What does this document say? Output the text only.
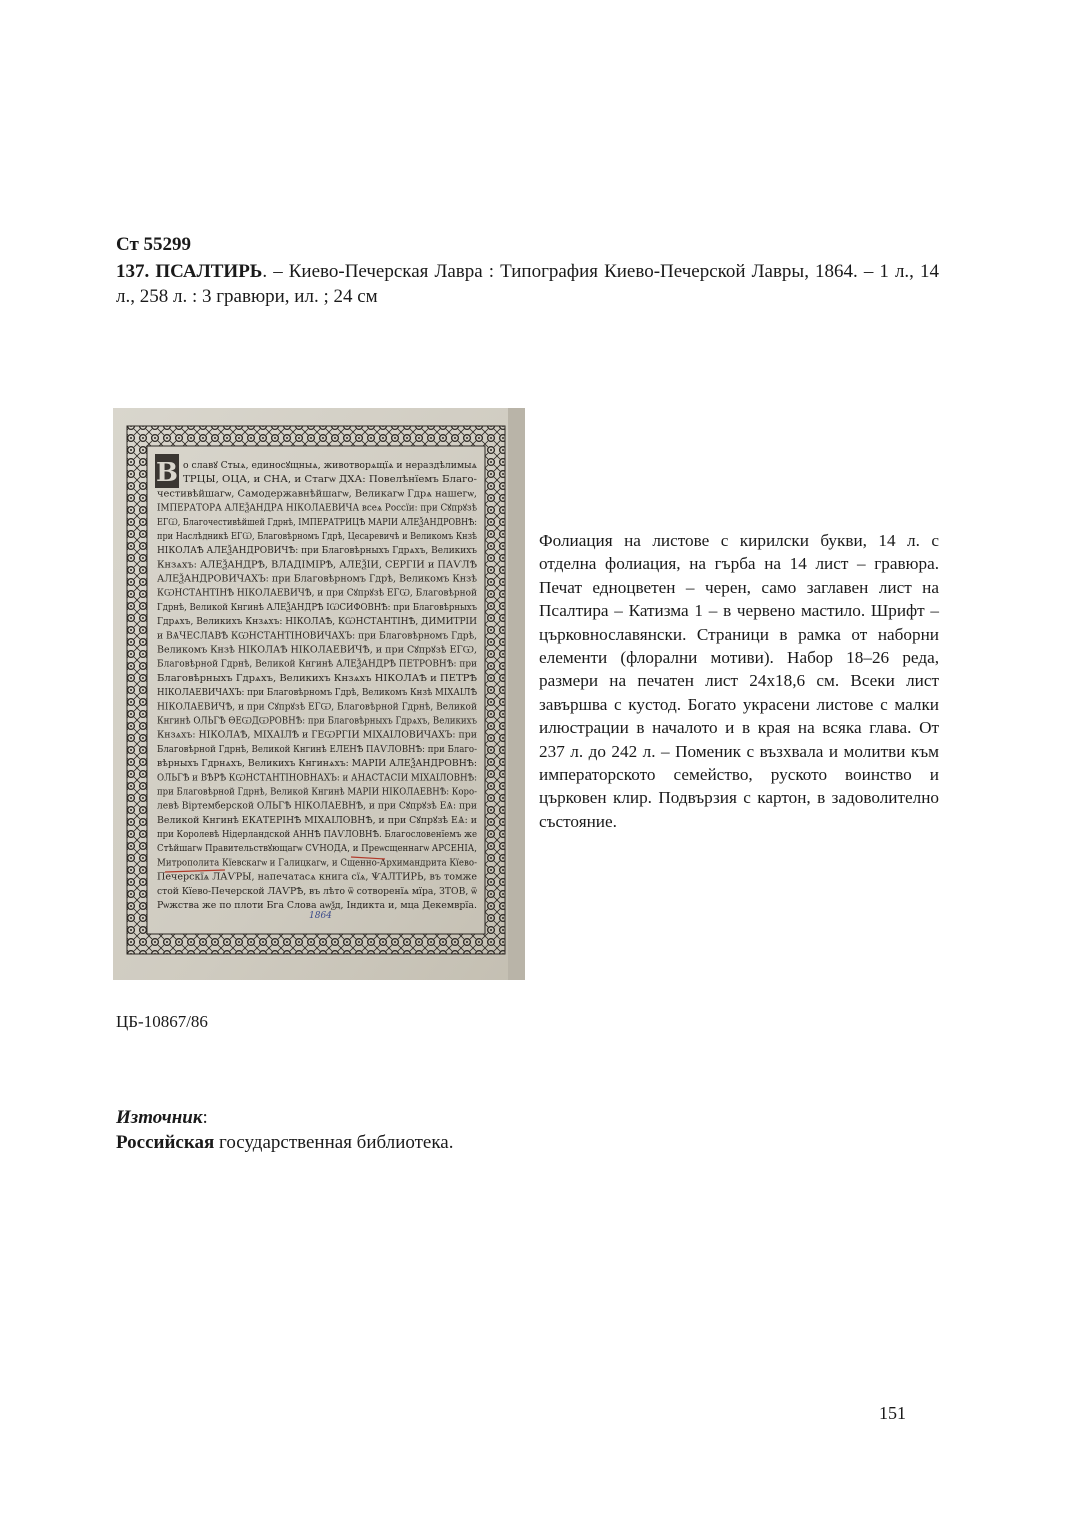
Ст 55299
137. ПСАЛТИРЬ. – Киево-Печерская Лавра : Типография Киево-Печерской Лавры, 1864. – 1 л., 14 л., 258 л. : 3 гравюри, ил. ; 24 см
В о славꙋ Стыѧ, единосꙋщныѧ, животворѧщїѧ и нераздѣлимыѧ
ТРЦЫ, ОЦА, и СНА, и Стагѡ ДХА: Повелѣнїемъ Благо-
честивѣйшагѡ, Самодержавнѣйшагѡ, Великагѡ Гдрѧ нашегѡ,
ІМПЕРАТОРА АЛЕѮАНДРА НІКОЛАЕВИЧА всеѧ Россїи: при Сꙋпрꙋзѣ
ЕГѠ, Благочестивѣйшей Гдрнѣ, ІМПЕРАТРИЦѢ МАРІИ АЛЕѮАНДРОВНѢ:
при Наслѣдникѣ ЕГѠ, Благовѣрномъ Гдрѣ, Цесаревичѣ и Великомъ Кнзѣ
НІКОЛАѢ АЛЕѮАНДРОВИЧѢ: при Благовѣрныхъ Гдрѧхъ, Великихъ
Кнзѧхъ: АЛЕѮАНДРѢ, ВЛАДІМІРѢ, АЛЕѮІИ, СЕРГІИ и ПАѴЛѢ
АЛЕѮАНДРОВИЧАХЪ: при Благовѣрномъ Гдрѣ, Великомъ Кнзѣ
КѠНСТАНТІНѢ НІКОЛАЕВИЧѢ, и при Сꙋпрꙋзѣ ЕГѠ, Благовѣрной
Гдрнѣ, Великой Кнгинѣ АЛЕѮАНДРѢ ІѠСИФОВНѢ: при Благовѣрныхъ
Гдрѧхъ, Великихъ Кнзѧхъ: НІКОЛАѢ, КѠНСТАНТІНѢ, ДИМИТРІИ
и ВѦЧЕСЛАВѢ КѠНСТАНТІНОВИЧАХЪ: при Благовѣрномъ Гдрѣ,
Великомъ Кнзѣ НІКОЛАѢ НІКОЛАЕВИЧѢ, и при Сꙋпрꙋзѣ ЕГѠ,
Благовѣрной Гдрнѣ, Великой Кнгинѣ АЛЕѮАНДРѢ ПЕТРОВНѢ: при
Благовѣрныхъ Гдрѧхъ, Великихъ Кнзѧхъ НІКОЛАѢ и ПЕТРѢ
НІКОЛАЕВИЧАХЪ: при Благовѣрномъ Гдрѣ, Великомъ Кнзѣ МІХАІЛѢ
НІКОЛАЕВИЧѢ, и при Сꙋпрꙋзѣ ЕГѠ, Благовѣрной Гдрнѣ, Великой
Кнгинѣ ОЛЬГѢ ѲЕѠДѠРОВНѢ: при Благовѣрныхъ Гдрѧхъ, Великихъ
Кнзѧхъ: НІКОЛАѢ, МІХАІЛѢ и ГЕѠРГІИ МІХАІЛОВИЧАХЪ: при
Благовѣрной Гдрнѣ, Великой Кнгинѣ ЕЛЕНѢ ПАѴЛОВНѢ: при Благо-
вѣрныхъ Гдрнѧхъ, Великихъ Кнгинѧхъ: МАРІИ АЛЕѮАНДРОВНѢ:
ОЛЬГѢ и ВѢРѢ КѠНСТАНТІНОВНАХЪ: и АНАСТАСІИ МІХАІЛОВНѢ:
при Благовѣрной Гдрнѣ, Великой Кнгинѣ МАРІИ НІКОЛАЕВНѢ: Коро-
левѣ Віртемберской ОЛЬГѢ НІКОЛАЕВНѢ, и при Сꙋпрꙋзѣ ЕѦ: при
Великой Кнгинѣ ЕКАТЕРІНѢ МІХАІЛОВНѢ, и при Сꙋпрꙋзѣ ЕѦ: и
при Королевѣ Нідерландской АННѢ ПАѴЛОВНѢ. Благословенїемъ же
Стѣйшагѡ Правительствꙋющагѡ СѴНОДА, и Преѡсщеннагѡ АРСЕНІА,
Митрополита Кїевскагѡ и Галицкагѡ, и Сщенно-Архимандрита Кїево-
Печерскїѧ ЛАѴРЫ, напечатасѧ книга сїѧ, ѰАЛТИРЬ, въ томже
стой Кїево-Печерской ЛАѴРѢ, въ лѣто ѿ сотворенїѧ мїра, ЗТОВ, ѿ
Рѡжства же по плоти Бга Слова аѡѯд, Індикта и, мца Декемврїа.
1864
Фолиация на листове с кирилски букви, 14 л. с отделна фолиация, на гърба на 14 лист – гравюра. Печат едноцветен – черен, само заглавен лист на Псалтира – Катизма 1 – в червено мастило. Шрифт – църковнославянски. Страници в рамка от наборни елементи (флорални мотиви). Набор 18–26 реда, размери на печатен лист 24x18,6 см. Всеки лист завършва с кустод. Богато украсени листове с малки илюстрации в началото и в края на всяка глава. От 237 л. до 242 л. – Поменик с възхвала и молитви към императорското семейство, руското воинство и църковен клир. Подвързия с картон, в задоволително състояние.
ЦБ-10867/86
Източник:
Российская государственная библиотека.
151
